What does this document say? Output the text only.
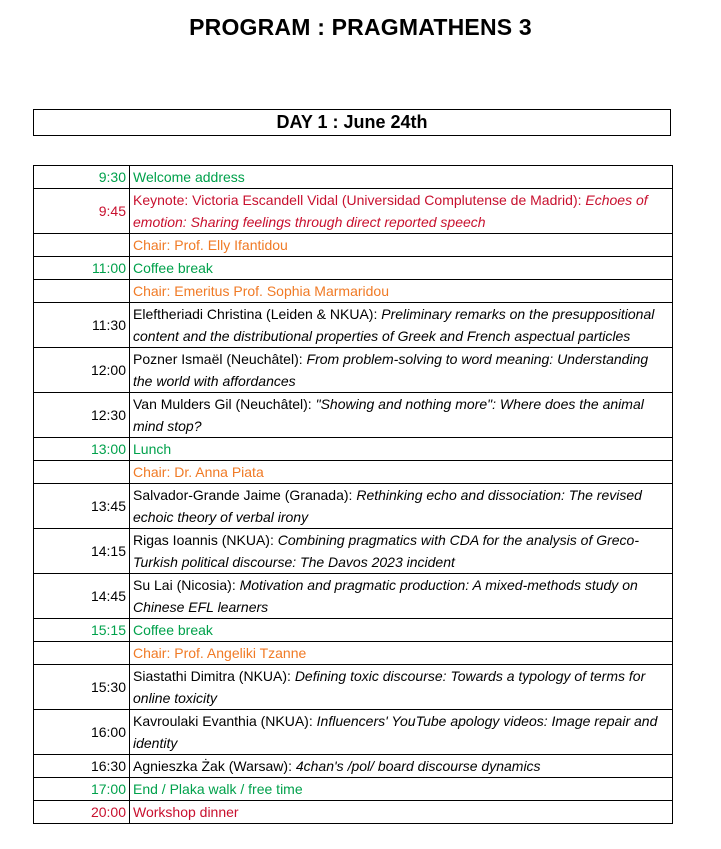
PROGRAM : PRAGMATHENS 3
DAY 1 : June 24th
9:30	Welcome address
9:45	Keynote: Victoria Escandell Vidal (Universidad Complutense de Madrid): Echoes of emotion: Sharing feelings through direct reported speech
	Chair: Prof. Elly Ifantidou
11:00	Coffee break
	Chair: Emeritus Prof. Sophia Marmaridou
11:30	Eleftheriadi Christina (Leiden & NKUA): Preliminary remarks on the presuppositional content and the distributional properties of Greek and French aspectual particles
12:00	Pozner Ismaël (Neuchâtel): From problem-solving to word meaning: Understanding the world with affordances
12:30	Van Mulders Gil (Neuchâtel): "Showing and nothing more": Where does the animal mind stop?
13:00	Lunch
	Chair: Dr. Anna Piata
13:45	Salvador-Grande Jaime (Granada): Rethinking echo and dissociation: The revised echoic theory of verbal irony
14:15	Rigas Ioannis (NKUA): Combining pragmatics with CDA for the analysis of Greco-Turkish political discourse: The Davos 2023 incident
14:45	Su Lai (Nicosia): Motivation and pragmatic production: A mixed-methods study on Chinese EFL learners
15:15	Coffee break
	Chair: Prof. Angeliki Tzanne
15:30	Siastathi Dimitra (NKUA): Defining toxic discourse: Towards a typology of terms for online toxicity
16:00	Kavroulaki Evanthia (NKUA): Influencers' YouTube apology videos: Image repair and identity
16:30	Agnieszka Żak (Warsaw): 4chan's /pol/ board discourse dynamics
17:00	End / Plaka walk / free time
20:00	Workshop dinner
